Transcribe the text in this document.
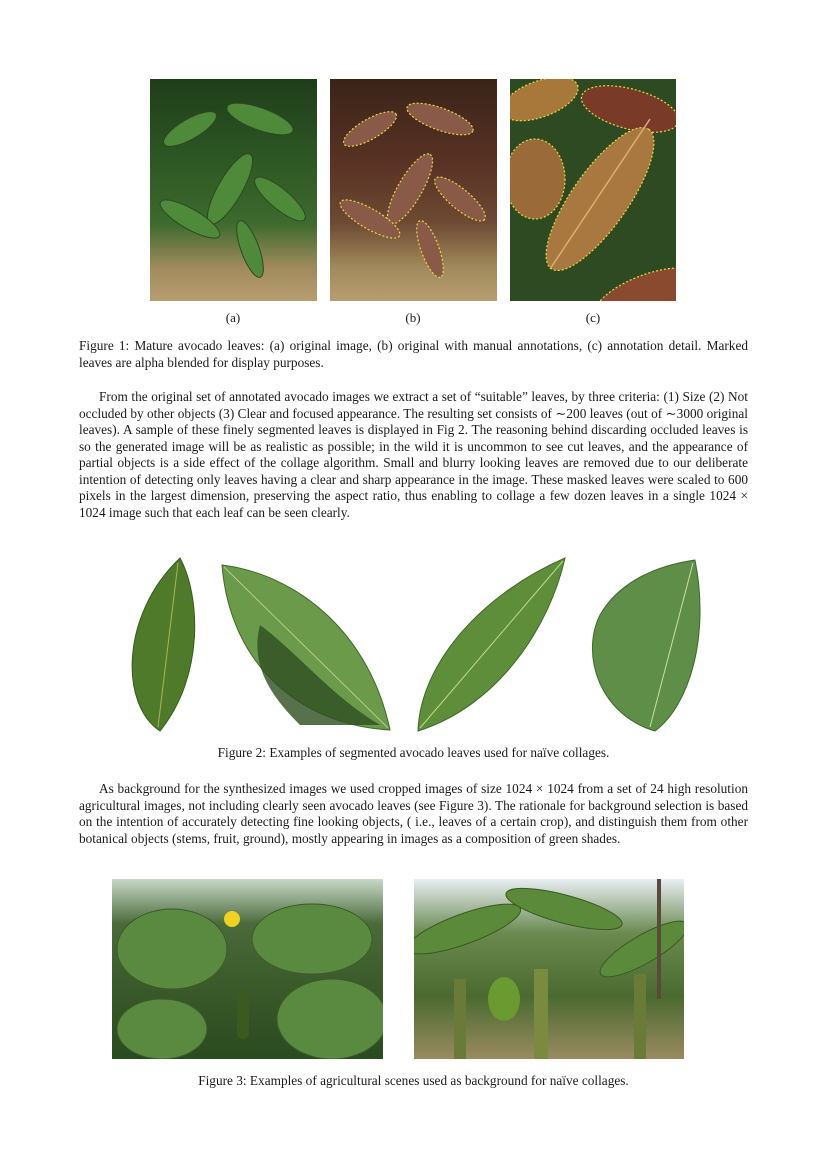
(a)	(b)	(c)
Figure 1: Mature avocado leaves: (a) original image, (b) original with manual annotations, (c) annotation detail. Marked leaves are alpha blended for display purposes.
From the original set of annotated avocado images we extract a set of “suitable” leaves, by three criteria: (1) Size (2) Not occluded by other objects (3) Clear and focused appearance. The resulting set consists of ∼200 leaves (out of ∼3000 original leaves). A sample of these finely segmented leaves is displayed in Fig 2. The reasoning behind discarding occluded leaves is so the generated image will be as realistic as possible; in the wild it is uncommon to see cut leaves, and the appearance of partial objects is a side effect of the collage algorithm. Small and blurry looking leaves are removed due to our deliberate intention of detecting only leaves having a clear and sharp appearance in the image. These masked leaves were scaled to 600 pixels in the largest dimension, preserving the aspect ratio, thus enabling to collage a few dozen leaves in a single 1024 × 1024 image such that each leaf can be seen clearly.
Figure 2: Examples of segmented avocado leaves used for naïve collages.
As background for the synthesized images we used cropped images of size 1024 × 1024 from a set of 24 high resolution agricultural images, not including clearly seen avocado leaves (see Figure 3). The rationale for background selection is based on the intention of accurately detecting fine looking objects, ( i.e., leaves of a certain crop), and distinguish them from other botanical objects (stems, fruit, ground), mostly appearing in images as a composition of green shades.
Figure 3: Examples of agricultural scenes used as background for naïve collages.
